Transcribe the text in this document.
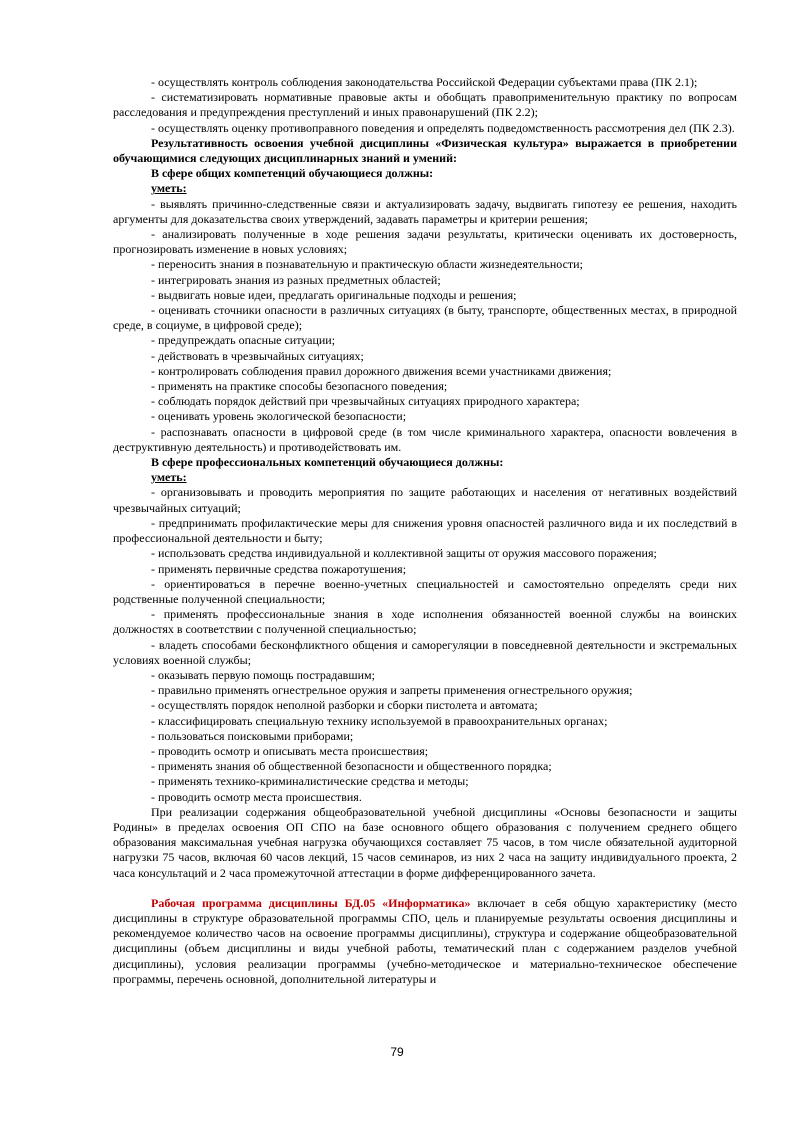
- осуществлять контроль соблюдения законодательства Российской Федерации субъектами права (ПК 2.1);

- систематизировать нормативные правовые акты и обобщать правоприменительную практику по вопросам расследования и предупреждения преступлений и иных правонарушений (ПК 2.2);

- осуществлять оценку противоправного поведения и определять подведомственность рассмотрения дел (ПК 2.3).

Результативность освоения учебной дисциплины «Физическая культура» выражается в приобретении обучающимися следующих дисциплинарных знаний и умений:

В сфере общих компетенций обучающиеся должны:

уметь:

- выявлять причинно-следственные связи и актуализировать задачу, выдвигать гипотезу ее решения, находить аргументы для доказательства своих утверждений, задавать параметры и критерии решения;

- анализировать полученные в ходе решения задачи результаты, критически оценивать их достоверность, прогнозировать изменение в новых условиях;

- переносить знания в познавательную и практическую области жизнедеятельности;

- интегрировать знания из разных предметных областей;

- выдвигать новые идеи, предлагать оригинальные подходы и решения;

- оценивать сточники опасности в различных ситуациях (в быту, транспорте, общественных местах, в природной среде, в социуме, в цифровой среде);

- предупреждать опасные ситуации;

- действовать в чрезвычайных ситуациях;

- контролировать соблюдения правил дорожного движения всеми участниками движения;

- применять на практике способы безопасного поведения;

- соблюдать порядок действий при чрезвычайных ситуациях природного характера;

- оценивать уровень экологической безопасности;

- распознавать опасности в цифровой среде (в том числе криминального характера, опасности вовлечения в деструктивную деятельность) и противодействовать им.

В сфере профессиональных компетенций обучающиеся должны:

уметь:

- организовывать и проводить мероприятия по защите работающих и населения от негативных воздействий чрезвычайных ситуаций;

- предпринимать профилактические меры для снижения уровня опасностей различного вида и их последствий в профессиональной деятельности и быту;

- использовать средства индивидуальной и коллективной защиты от оружия массового поражения;

- применять первичные средства пожаротушения;

- ориентироваться в перечне военно-учетных специальностей и самостоятельно определять среди них родственные полученной специальности;

- применять профессиональные знания в ходе исполнения обязанностей военной службы на воинских должностях в соответствии с полученной специальностью;

- владеть способами бесконфликтного общения и саморегуляции в повседневной деятельности и экстремальных условиях военной службы;

- оказывать первую помощь пострадавшим;

- правильно применять огнестрельное оружия и запреты применения огнестрельного оружия;

- осуществлять порядок неполной разборки и сборки пистолета и автомата;

- классифицировать специальную технику используемой в правоохранительных органах;

- пользоваться поисковыми приборами;

- проводить осмотр и описывать места происшествия;

- применять знания об общественной безопасности и общественного порядка;

- применять технико-криминалистические средства и методы;

- проводить осмотр места происшествия.

При реализации содержания общеобразовательной учебной дисциплины «Основы безопасности и защиты Родины» в пределах освоения ОП СПО на базе основного общего образования с получением среднего общего образования максимальная учебная нагрузка обучающихся составляет 75 часов, в том числе обязательной аудиторной нагрузки 75 часов, включая 60 часов лекций, 15 часов семинаров, из них 2 часа на защиту индивидуального проекта, 2 часа консультаций и 2 часа промежуточной аттестации в форме дифференцированного зачета.

Рабочая программа дисциплины БД.05 «Информатика» включает в себя общую характеристику (место дисциплины в структуре образовательной программы СПО, цель и планируемые результаты освоения дисциплины и рекомендуемое количество часов на освоение программы дисциплины), структура и содержание общеобразовательной дисциплины (объем дисциплины и виды учебной работы, тематический план с содержанием разделов учебной дисциплины), условия реализации программы (учебно-методическое и материально-техническое обеспечение программы, перечень основной, дополнительной литературы и

79
